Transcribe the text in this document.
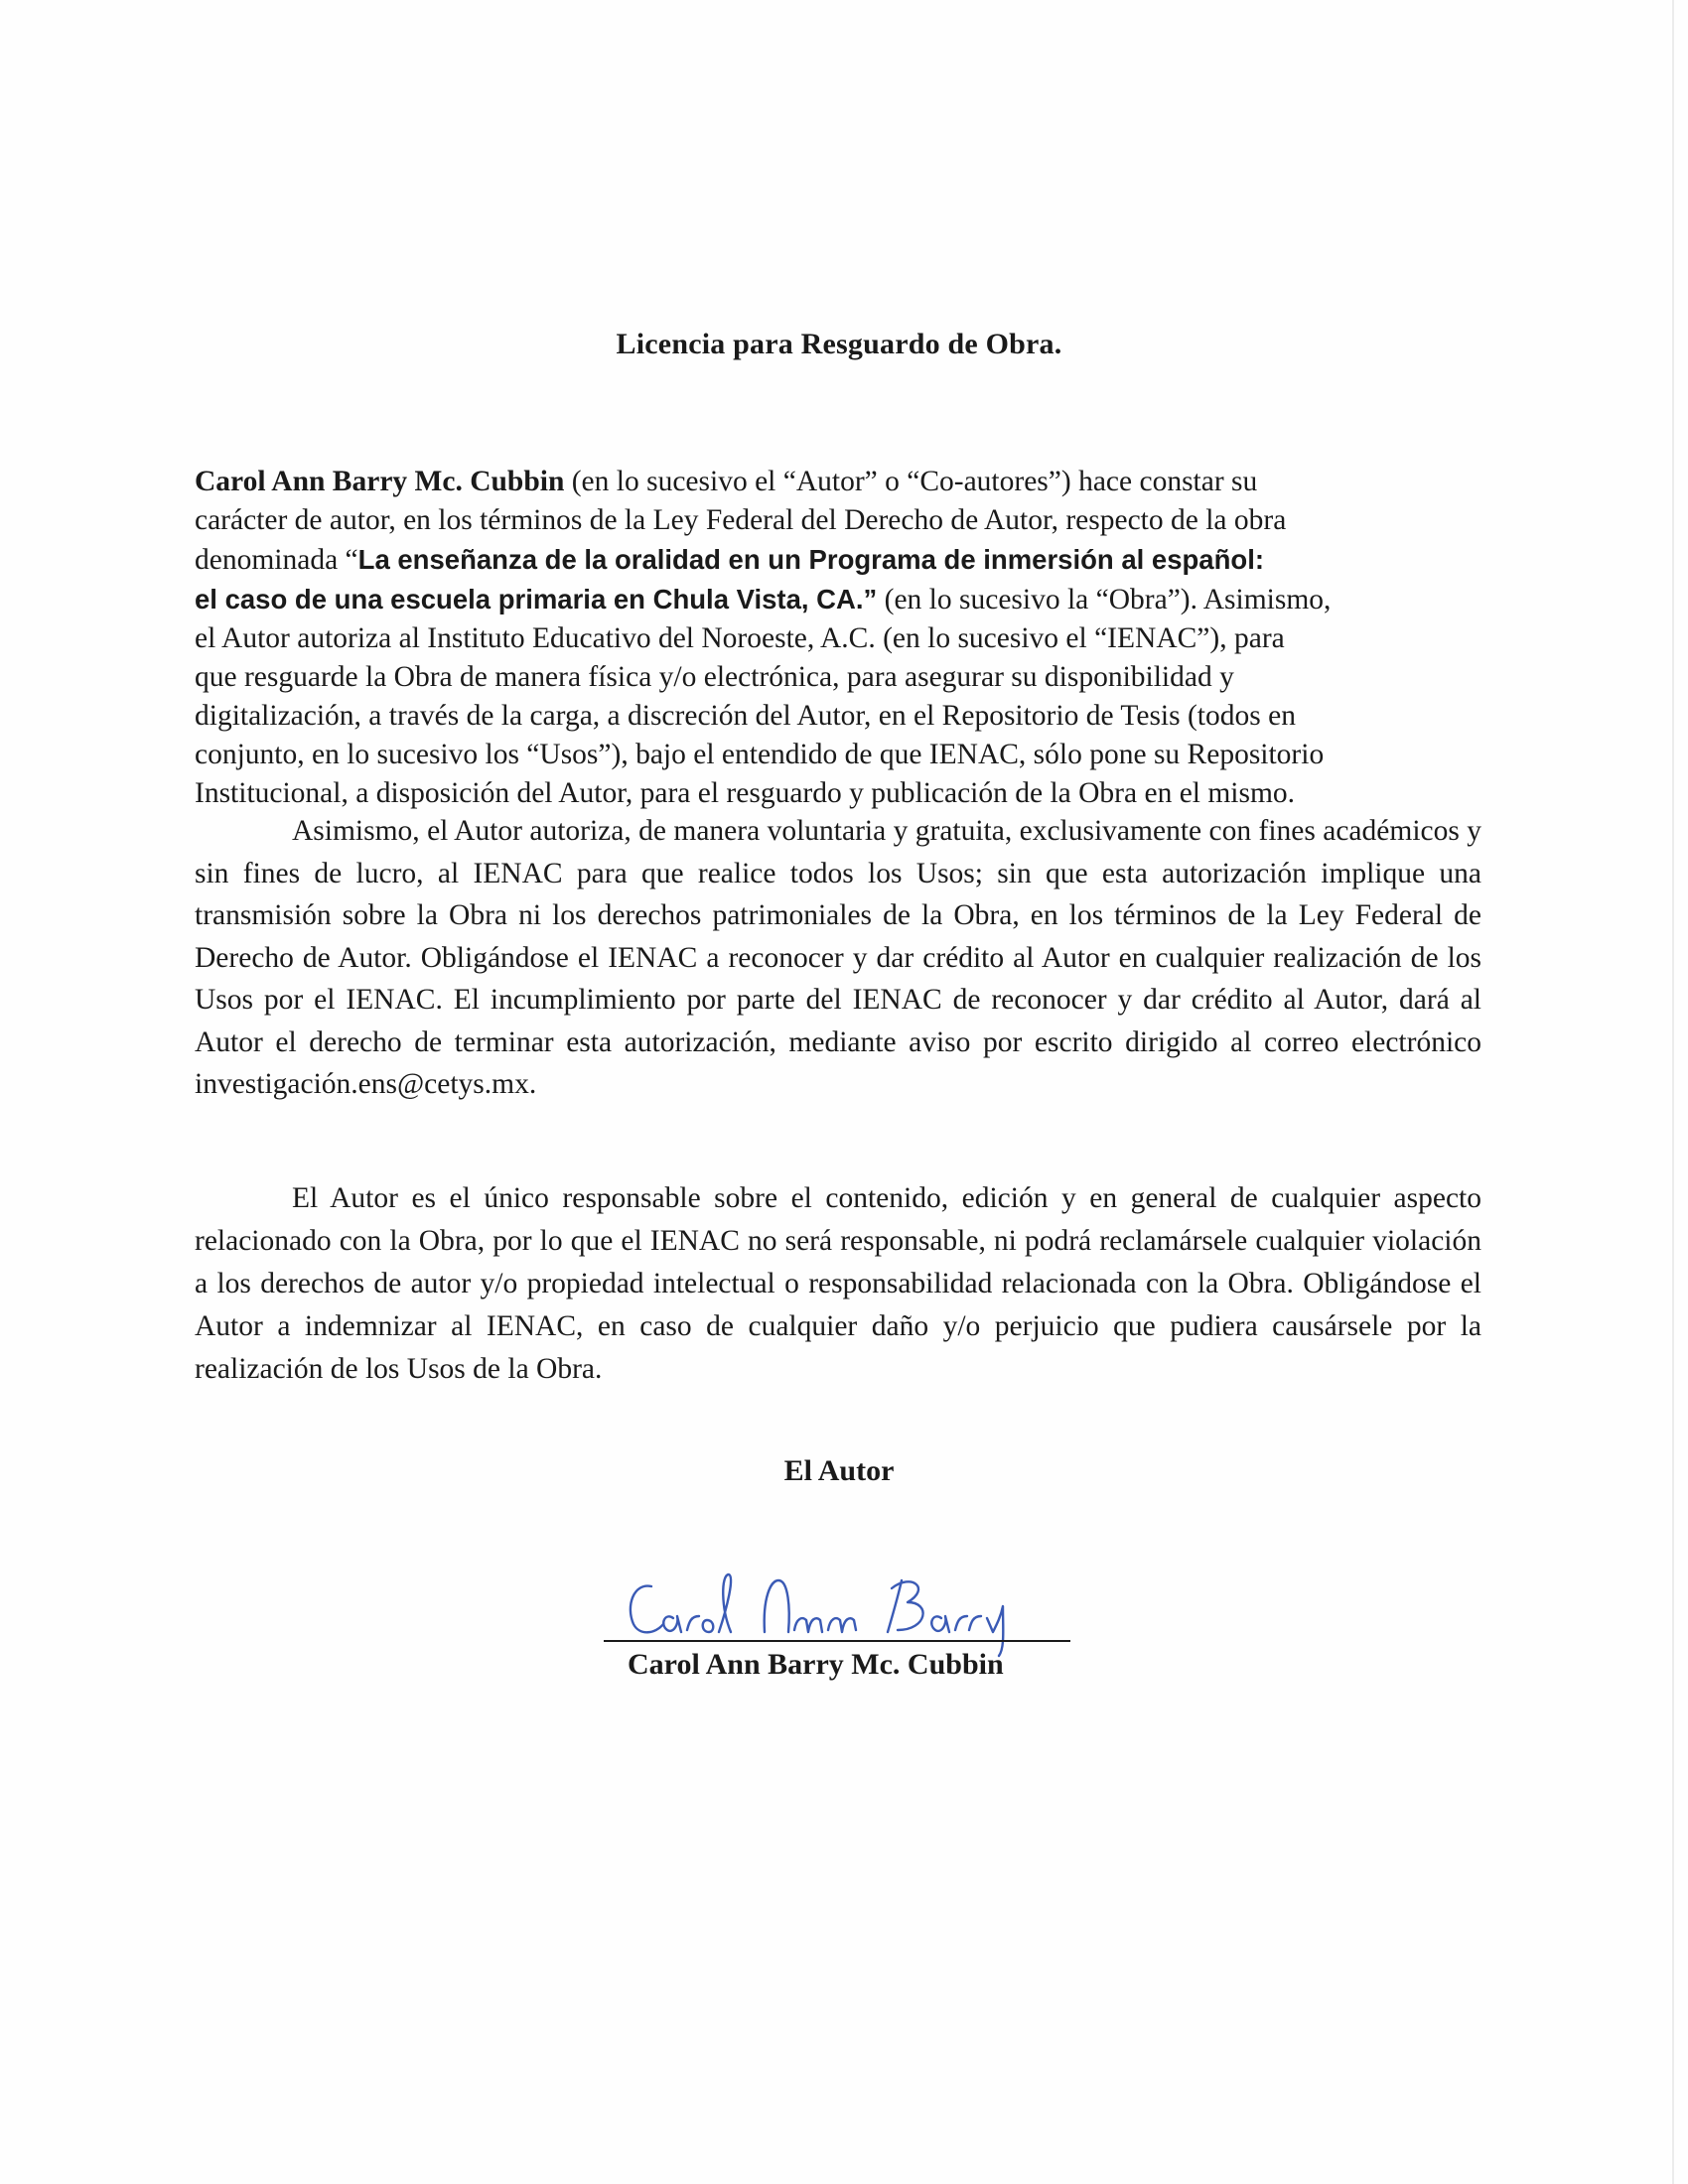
Licencia para Resguardo de Obra.
Carol Ann Barry Mc. Cubbin (en lo sucesivo el “Autor” o “Co-autores”) hace constar su
carácter de autor, en los términos de la Ley Federal del Derecho de Autor, respecto de la obra
denominada “La enseñanza de la oralidad en un Programa de inmersión al español:
el caso de una escuela primaria en Chula Vista, CA.” (en lo sucesivo la “Obra”). Asimismo,
el Autor autoriza al Instituto Educativo del Noroeste, A.C. (en lo sucesivo el “IENAC”), para
que resguarde la Obra de manera física y/o electrónica, para asegurar su disponibilidad y
digitalización, a través de la carga, a discreción del Autor, en el Repositorio de Tesis (todos en
conjunto, en lo sucesivo los “Usos”), bajo el entendido de que IENAC, sólo pone su Repositorio
Institucional, a disposición del Autor, para el resguardo y publicación de la Obra en el mismo.
Asimismo, el Autor autoriza, de manera voluntaria y gratuita, exclusivamente con fines académicos y sin fines de lucro, al IENAC para que realice todos los Usos; sin que esta autorización implique una transmisión sobre la Obra ni los derechos patrimoniales de la Obra, en los términos de la Ley Federal de Derecho de Autor. Obligándose el IENAC a reconocer y dar crédito al Autor en cualquier realización de los Usos por el IENAC. El incumplimiento por parte del IENAC de reconocer y dar crédito al Autor, dará al Autor el derecho de terminar esta autorización, mediante aviso por escrito dirigido al correo electrónico investigación.ens@cetys.mx.
El Autor es el único responsable sobre el contenido, edición y en general de cualquier aspecto relacionado con la Obra, por lo que el IENAC no será responsable, ni podrá reclamársele cualquier violación a los derechos de autor y/o propiedad intelectual o responsabilidad relacionada con la Obra. Obligándose el Autor a indemnizar al IENAC, en caso de cualquier daño y/o perjuicio que pudiera causársele por la realización de los Usos de la Obra.
El Autor
Carol Ann Barry Mc. Cubbin
